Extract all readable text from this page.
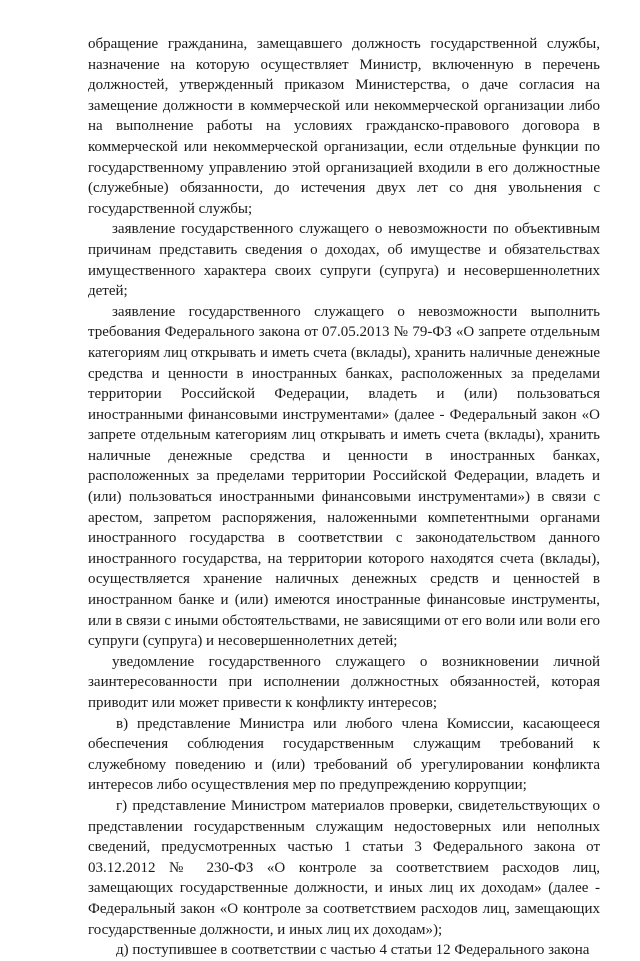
обращение гражданина, замещавшего должность государственной службы, назначение на которую осуществляет Министр, включенную в перечень должностей, утвержденный приказом Министерства, о даче согласия на замещение должности в коммерческой или некоммерческой организации либо на выполнение работы на условиях гражданско-правового договора в коммерческой или некоммерческой организации, если отдельные функции по государственному управлению этой организацией входили в его должностные (служебные) обязанности, до истечения двух лет со дня увольнения с государственной службы;

заявление государственного служащего о невозможности по объективным причинам представить сведения о доходах, об имуществе и обязательствах имущественного характера своих супруги (супруга) и несовершеннолетних детей;

заявление государственного служащего о невозможности выполнить требования Федерального закона от 07.05.2013 № 79-ФЗ «О запрете отдельным категориям лиц открывать и иметь счета (вклады), хранить наличные денежные средства и ценности в иностранных банках, расположенных за пределами территории Российской Федерации, владеть и (или) пользоваться иностранными финансовыми инструментами» (далее - Федеральный закон «О запрете отдельным категориям лиц открывать и иметь счета (вклады), хранить наличные денежные средства и ценности в иностранных банках, расположенных за пределами территории Российской Федерации, владеть и (или) пользоваться иностранными финансовыми инструментами») в связи с арестом, запретом распоряжения, наложенными компетентными органами иностранного государства в соответствии с законодательством данного иностранного государства, на территории которого находятся счета (вклады), осуществляется хранение наличных денежных средств и ценностей в иностранном банке и (или) имеются иностранные финансовые инструменты, или в связи с иными обстоятельствами, не зависящими от его воли или воли его супруги (супруга) и несовершеннолетних детей;

уведомление государственного служащего о возникновении личной заинтересованности при исполнении должностных обязанностей, которая приводит или может привести к конфликту интересов;

в) представление Министра или любого члена Комиссии, касающееся обеспечения соблюдения государственным служащим требований к служебному поведению и (или) требований об урегулировании конфликта интересов либо осуществления мер по предупреждению коррупции;

г) представление Министром материалов проверки, свидетельствующих о представлении государственным служащим недостоверных или неполных сведений, предусмотренных частью 1 статьи 3 Федерального закона от 03.12.2012 № 230-ФЗ «О контроле за соответствием расходов лиц, замещающих государственные должности, и иных лиц их доходам» (далее - Федеральный закон «О контроле за соответствием расходов лиц, замещающих государственные должности, и иных лиц их доходам»);

д) поступившее в соответствии с частью 4 статьи 12 Федерального закона
